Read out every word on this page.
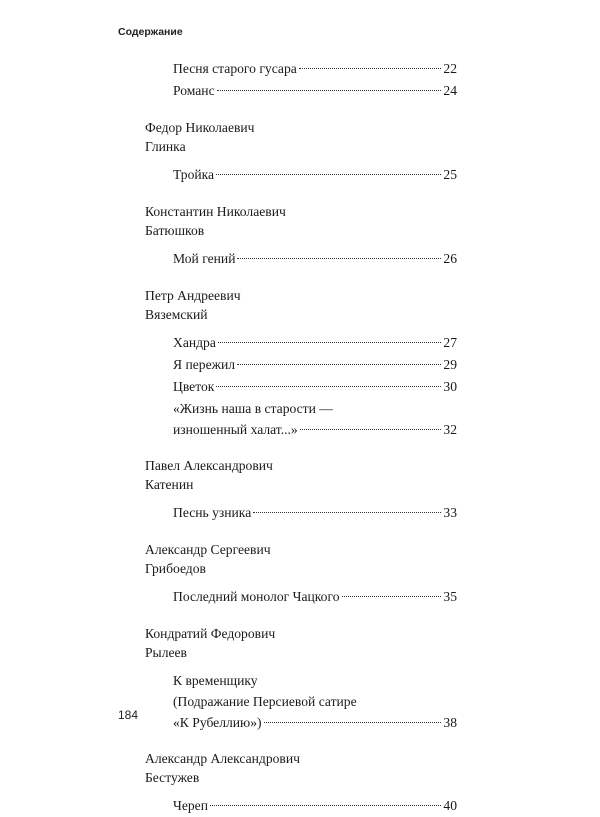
Содержание
Песня старого гусара	22
Романс	24
Федор Николаевич
Глинка
Тройка	25
Константин Николаевич
Батюшков
Мой гений	26
Петр Андреевич
Вяземский
Хандра	27
Я пережил	29
Цветок	30
«Жизнь наша в старости —
изношенный халат...»	32
Павел Александрович
Катенин
Песнь узника	33
Александр Сергеевич
Грибоедов
Последний монолог Чацкого	35
Кондратий Федорович
Рылеев
К временщику
(Подражание Персиевой сатире
«К Рубеллию»)	38
Александр Александрович
Бестужев
Череп	40
184
